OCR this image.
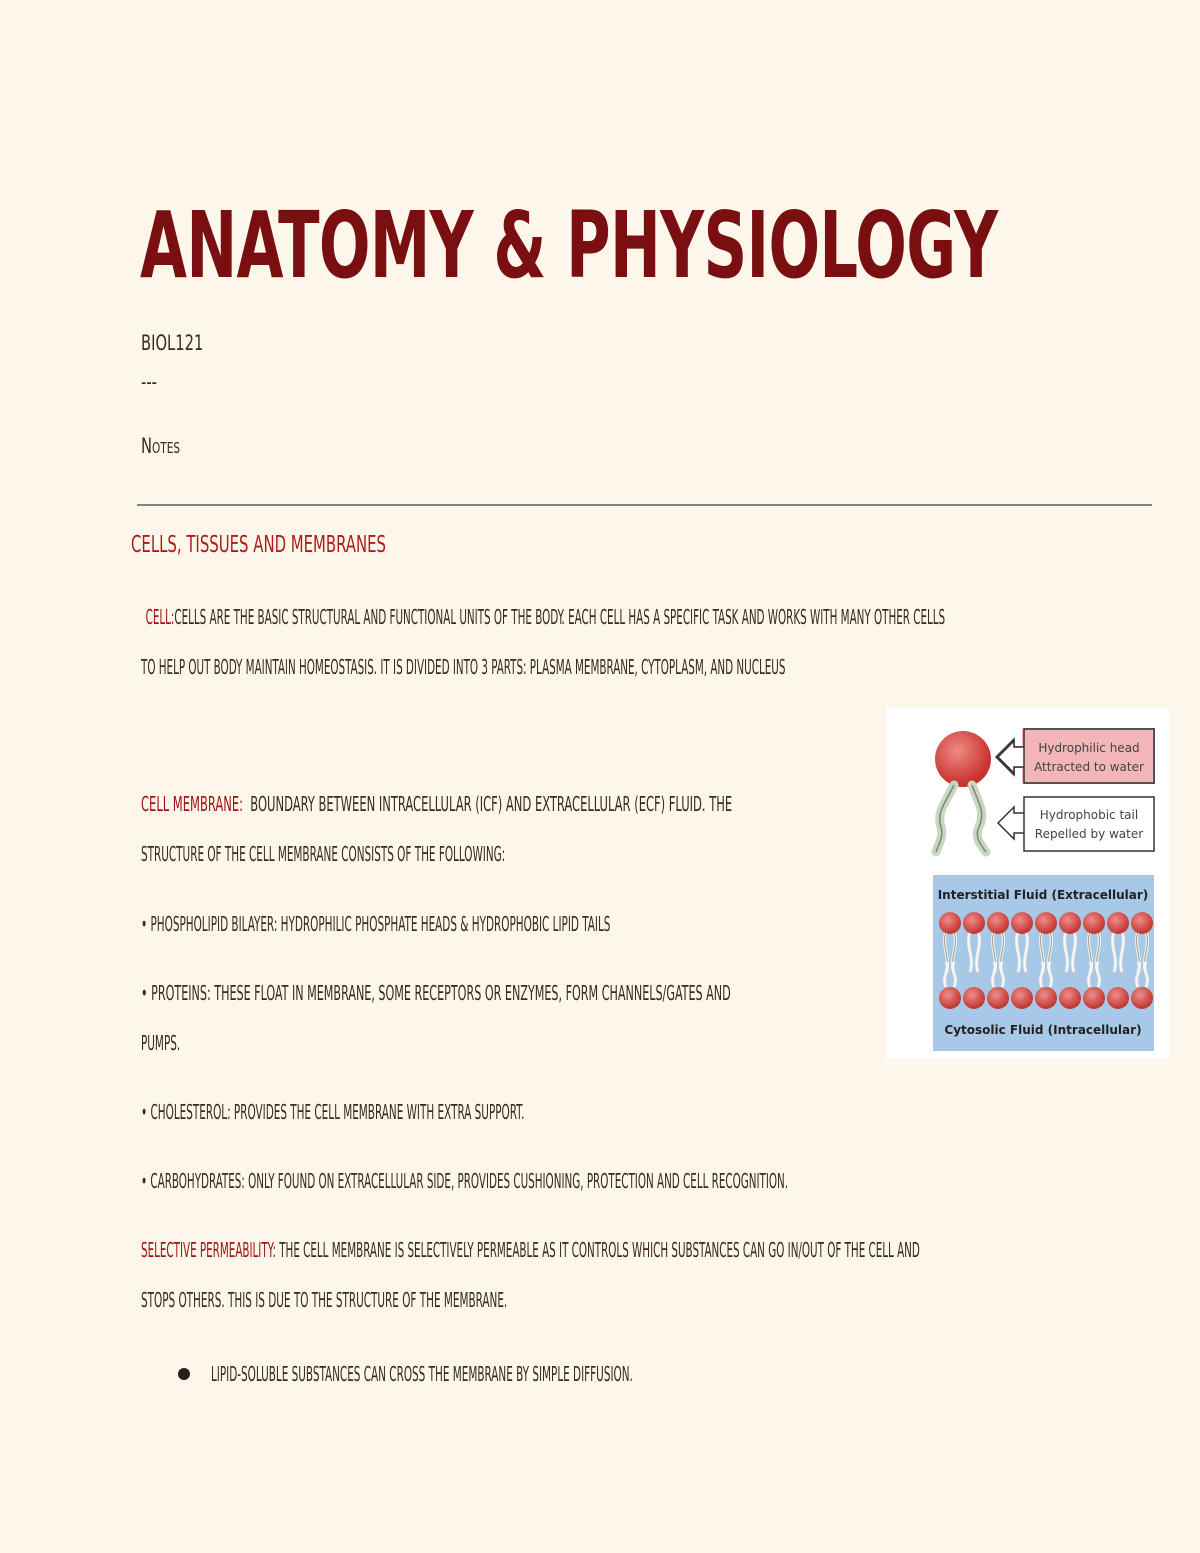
ANATOMY & PHYSIOLOGY
BIOL121
---
Notes
CELLS, TISSUES AND MEMBRANES
CELL:CELLS ARE THE BASIC STRUCTURAL AND FUNCTIONAL UNITS OF THE BODY. EACH CELL HAS A SPECIFIC TASK AND WORKS WITH MANY OTHER CELLS
TO HELP OUT BODY MAINTAIN HOMEOSTASIS. IT IS DIVIDED INTO 3 PARTS: PLASMA MEMBRANE, CYTOPLASM, AND NUCLEUS
CELL MEMBRANE: BOUNDARY BETWEEN INTRACELLULAR (ICF) AND EXTRACELLULAR (ECF) FLUID. THE
STRUCTURE OF THE CELL MEMBRANE CONSISTS OF THE FOLLOWING:
• PHOSPHOLIPID BILAYER: HYDROPHILIC PHOSPHATE HEADS & HYDROPHOBIC LIPID TAILS
• PROTEINS: THESE FLOAT IN MEMBRANE, SOME RECEPTORS OR ENZYMES, FORM CHANNELS/GATES AND
PUMPS.
• CHOLESTEROL: PROVIDES THE CELL MEMBRANE WITH EXTRA SUPPORT.
• CARBOHYDRATES: ONLY FOUND ON EXTRACELLULAR SIDE, PROVIDES CUSHIONING, PROTECTION AND CELL RECOGNITION.
SELECTIVE PERMEABILITY: THE CELL MEMBRANE IS SELECTIVELY PERMEABLE AS IT CONTROLS WHICH SUBSTANCES CAN GO IN/OUT OF THE CELL AND
STOPS OTHERS. THIS IS DUE TO THE STRUCTURE OF THE MEMBRANE.
LIPID-SOLUBLE SUBSTANCES CAN CROSS THE MEMBRANE BY SIMPLE DIFFUSION.
Hydrophilic head
Attracted to water
Hydrophobic tail
Repelled by water
Interstitial Fluid (Extracellular)
Cytosolic Fluid (Intracellular)
